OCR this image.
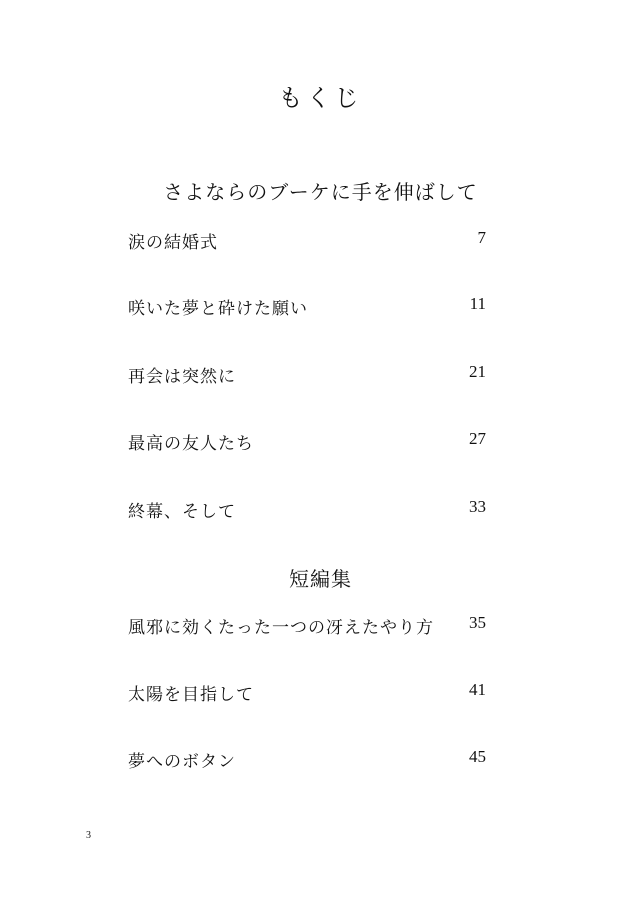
もくじ
さよならのブーケに手を伸ばして
涙の結婚式	7
咲いた夢と砕けた願い	11
再会は突然に	21
最高の友人たち	27
終幕、そして	33
短編集
風邪に効くたった一つの冴えたやり方 35
太陽を目指して	41
夢へのボタン	45
3
